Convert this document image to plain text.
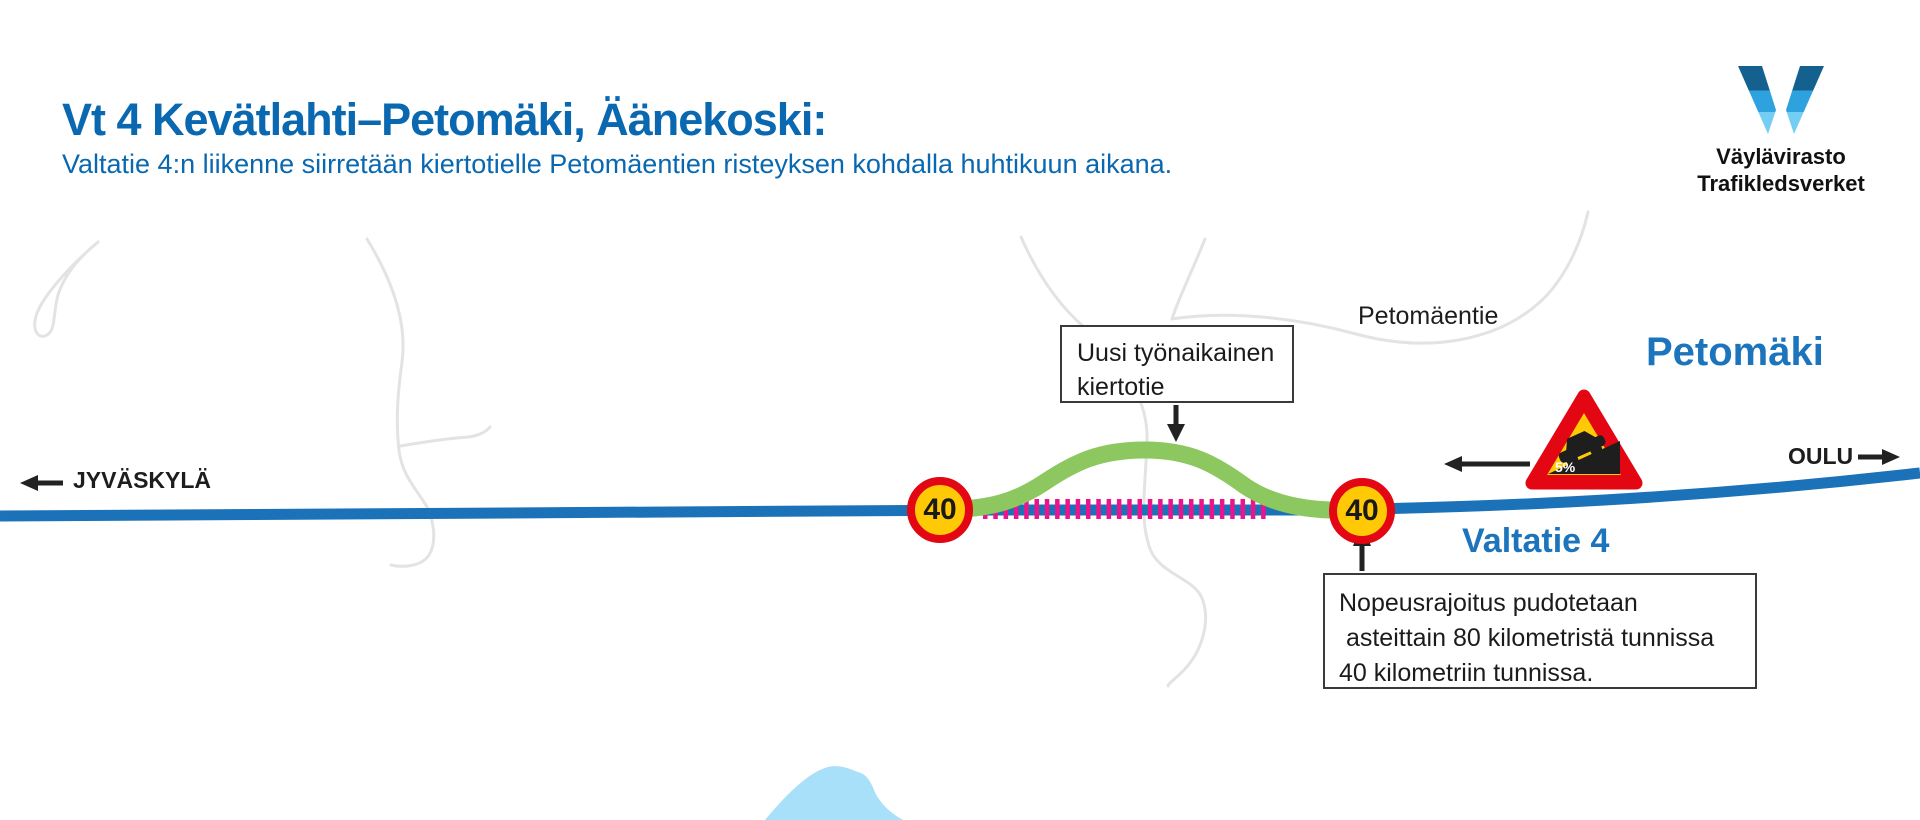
Vt 4 Kevätlahti–Petomäki, Äänekoski:
Valtatie 4:n liikenne siirretään kiertotielle Petomäentien risteyksen kohdalla huhtikuun aikana.	Väylävirasto
Trafikledsverket
JYVÄSKYLÄ
OULU
Petomäentie
Petomäki
Valtatie 4
40	40
5%
Uusi työnaikainen
kiertotie
Nopeusrajoitus pudotetaan
asteittain 80 kilometristä tunnissa
40 kilometriin tunnissa.
